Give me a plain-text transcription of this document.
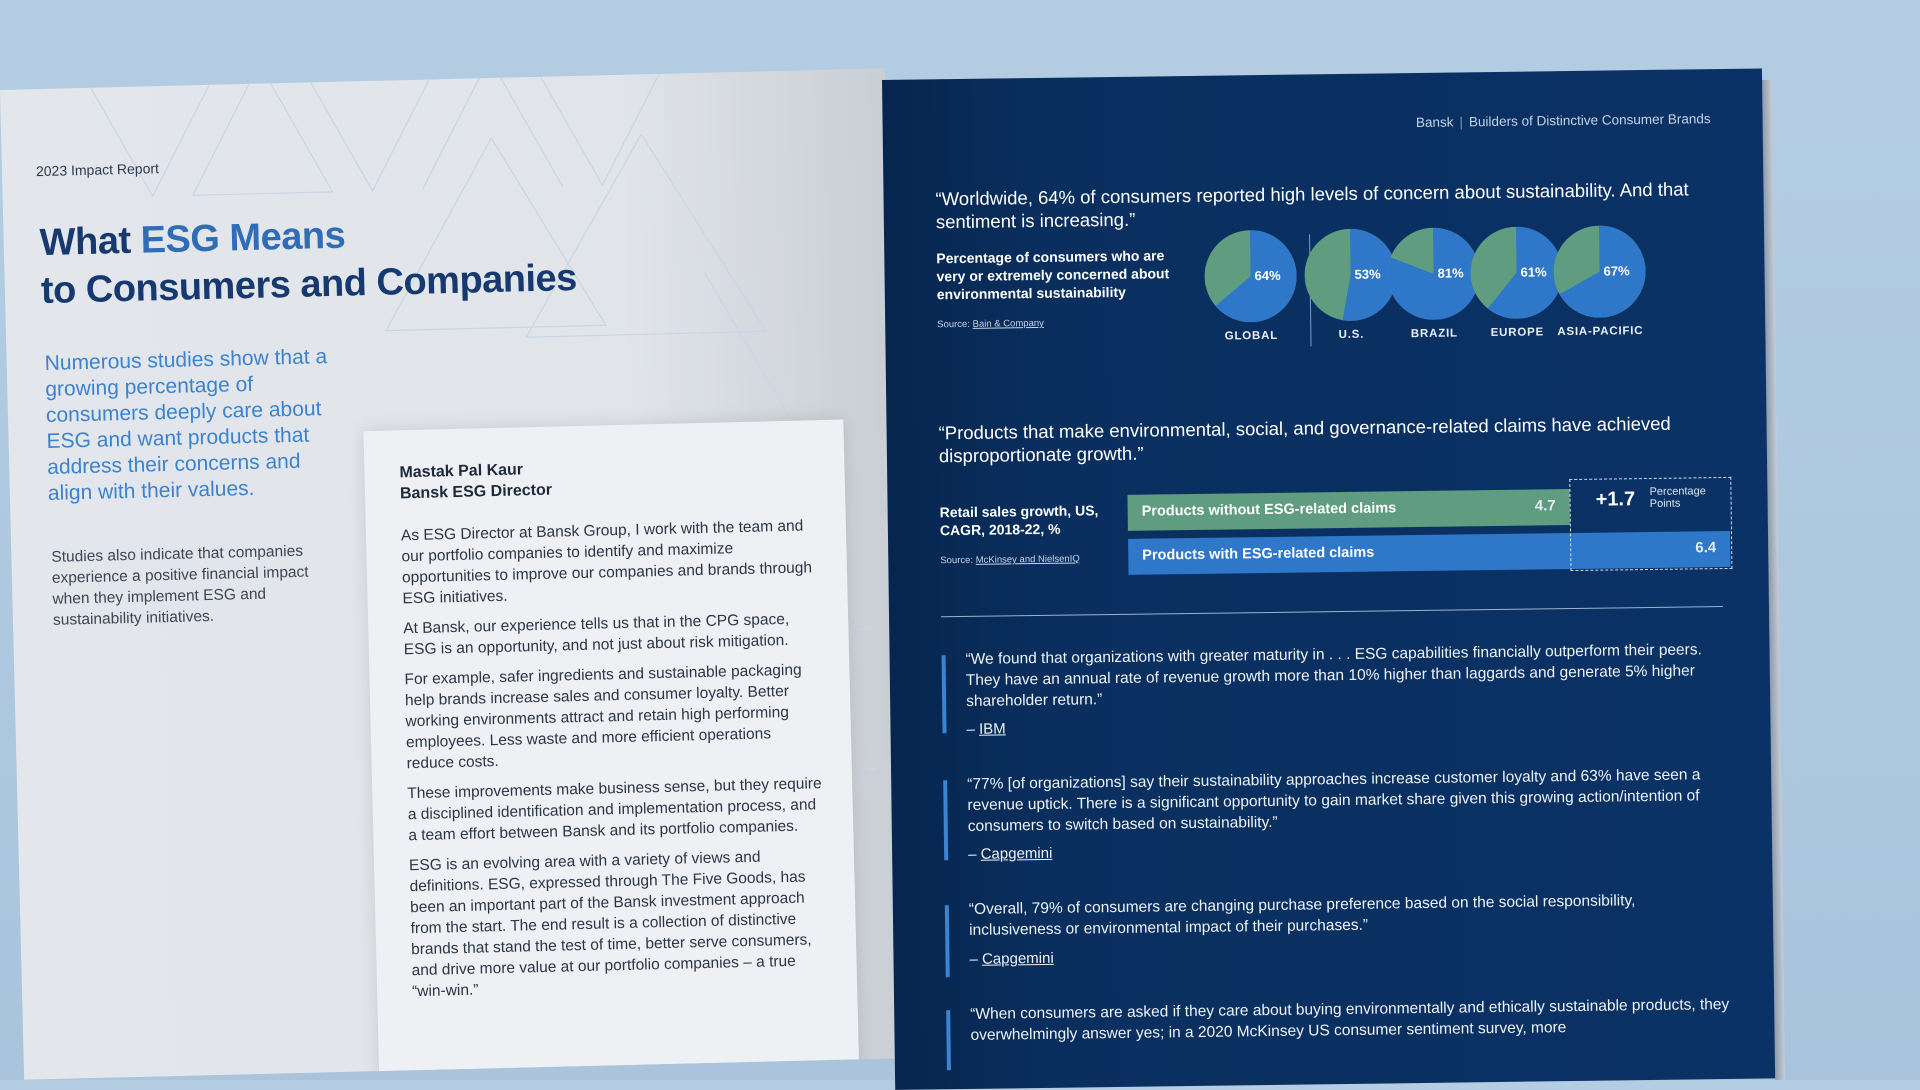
2023 Impact Report
What ESG Means
to Consumers and Companies
Numerous studies show that a growing percentage of consumers deeply care about ESG and want products that address their concerns and align with their values.
Studies also indicate that companies experience a positive financial impact when they implement ESG and sustainability initiatives.
Mastak Pal Kaur
Bansk ESG Director

As ESG Director at Bansk Group, I work with the team and our portfolio companies to identify and maximize opportunities to improve our companies and brands through ESG initiatives.

At Bansk, our experience tells us that in the CPG space, ESG is an opportunity, and not just about risk mitigation.

For example, safer ingredients and sustainable packaging help brands increase sales and consumer loyalty. Better working environments attract and retain high performing employees. Less waste and more efficient operations reduce costs.

These improvements make business sense, but they require a disciplined identification and implementation process, and a team effort between Bansk and its portfolio companies.

ESG is an evolving area with a variety of views and definitions. ESG, expressed through The Five Goods, has been an important part of the Bansk investment approach from the start. The end result is a collection of distinctive brands that stand the test of time, better serve consumers, and drive more value at our portfolio companies – a true “win-win.”

Bansk | Builders of Distinctive Consumer Brands
“Worldwide, 64% of consumers reported high levels of concern about sustainability. And that sentiment is increasing.”
Percentage of consumers who are very or extremely concerned about environmental sustainability
Source: Bain & Company
64%
GLOBAL
53%
U.S.
81%
BRAZIL
61%
EUROPE
67%
ASIA-PACIFIC
“Products that make environmental, social, and governance-related claims have achieved disproportionate growth.”
Retail sales growth, US, CAGR, 2018-22, %
Source: McKinsey and NielsenIQ
Products without ESG-related claims	4.7
Products with ESG-related claims	6.4
+1.7 Percentage Points
“We found that organizations with greater maturity in . . . ESG capabilities financially outperform their peers. They have an annual rate of revenue growth more than 10% higher than laggards and generate 5% higher shareholder return.”
– IBM
“77% [of organizations] say their sustainability approaches increase customer loyalty and 63% have seen a revenue uptick. There is a significant opportunity to gain market share given this growing action/intention of consumers to switch based on sustainability.”
– Capgemini
“Overall, 79% of consumers are changing purchase preference based on the social responsibility, inclusiveness or environmental impact of their purchases.”
– Capgemini
“When consumers are asked if they care about buying environmentally and ethically sustainable products, they overwhelmingly answer yes; in a 2020 McKinsey US consumer sentiment survey, more
